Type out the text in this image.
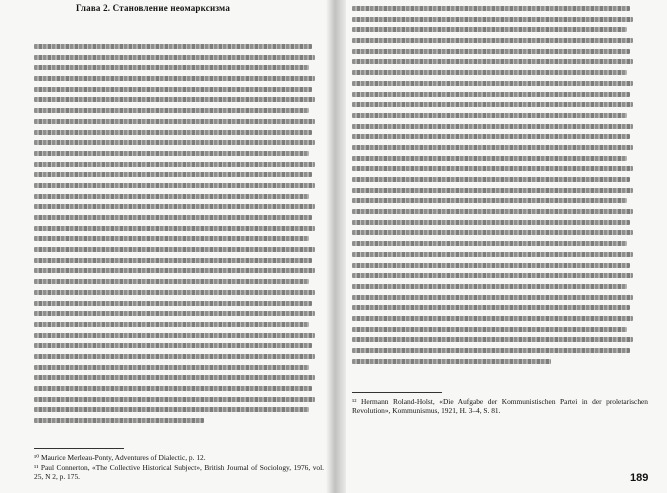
Глава 2. Становление неомарксизма

¹⁰ Maurice Merleau-Ponty, Adventures of Dialectic, p. 12.

¹¹ Paul Connerton, «The Collective Historical Subject», British Journal of Sociology, 1976, vol. 25, N 2, p. 175.

¹² Hermann Roland-Holst, «Die Aufgabe der Kommunistischen Partei in der proletarischen Revolution», Kommunismus, 1921, H. 3–4, S. 81.

189
